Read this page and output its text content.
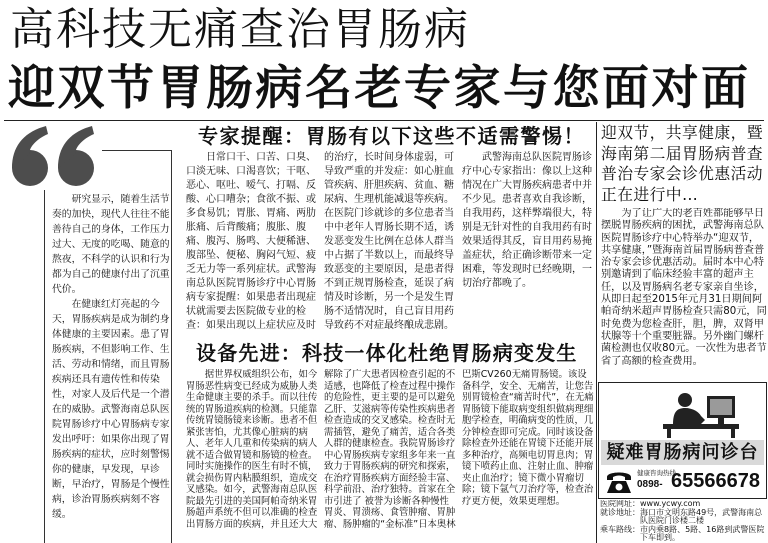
高科技无痛查治胃肠病
迎双节胃肠病名老专家与您面对面

研究显示，随着生活节奏的加快，现代人往往不能善待自己的身体，工作压力过大、无度的吃喝、随意的熬夜，不科学的认识和行为都为自己的健康付出了沉重代价。

在健康红灯亮起的今天，胃肠疾病是成为制约身体健康的主要因素。患了胃肠疾病，不但影响工作、生活、劳动和情绪，而且胃肠疾病还具有遗传性和传染性，对家人及后代是一个潜在的威胁。武警海南总队医院胃肠诊疗中心胃肠病专家发出呼吁：如果你出现了胃肠疾病的症状，应时刻警惕你的健康，早发现，早诊断，早治疗，胃肠是个慢性病，诊治胃肠疾病刻不容缓。

专家提醒：胃肠有以下这些不适需警惕！

日常口干、口苦、口臭、口淡无味、口渴喜饮；干呕、恶心、呕吐、嗳气、打嗝、反酸、心口嘈杂；食欲不振、或多食易饥；胃胀、胃痛、两肋胀痛、后背酸痛；腹胀、腹痛、腹泻、肠鸣、大便稀溏、腹部坠、便秘、胸闷气短、疲乏无力等一系列症状。武警海南总队医院胃肠诊疗中心胃肠病专家提醒：如果患者出现症状就需要去医院做专业的检查：如果出现以上症状应及时的治疗，长时间身体虚弱，可导致严重的并发症：如心脏血管疾病、肝胆疾病、贫血、糖尿病、生理机能减退等疾病。在医院门诊就诊的多位患者当中中老年人胃肠长期不适，诱发恶变发生比例在总体人群当中占据了半数以上，而最终导致恶变的主要原因，是患者得不到正规胃肠检查，延误了病情及时诊断，另一个是发生胃肠不适情况时，自己盲目用药导致药不对症最终酿成悲剧。

武警海南总队医院胃肠诊疗中心专家指出：像以上这种情况在广大胃肠疾病患者中并不少见。患者喜欢自我诊断，自我用药，这样弊端很大，特别是无针对性的自我用药有时效果适得其反，盲目用药易掩盖症状，给正确诊断带来一定困难，等发现时已经晚期，一切治疗都晚了。

设备先进：科技一体化杜绝胃肠病变发生

据世界权威组织公布，如今胃肠恶性病变已经成为威胁人类生命健康主要的杀手。而以往传统的胃肠道疾病的检测。只能靠传统胃镜肠镜来诊断。患者不但紧张害怕，尤其像心脏病的病人、老年人几重和传染病的病人就不适合做胃镜和肠镜的检查。同时实施操作的医生有时不慎，就会损伤胃内粘膜组织，造成交叉感染。如今，武警海南总队医院最先引进的美国阿帕奇纳米胃肠超声系统不但可以准确的检查出胃肠方面的疾病，并且还大大解除了广大患者因检查引起的不适感，也降低了检查过程中操作的危险性，更主要的是可以避免乙肝、艾滋病等传染性疾病患者检查造成的交叉感染。检查时无需插管，避免了痛苦，适合各类 人群的健康检查。我院胃肠诊疗中心胃肠疾病专家组多年来一直致力于胃肠疾病的研究和探索，在治疗胃肠疾病方面经验丰富、科学前沿、治疗独特。首家在全市引进了 被誉为诊断各种慢性胃炎、胃溃疡、食管肿瘤、胃肿瘤、肠肿瘤的“金标准”日本奥林巴斯CV260无痛胃肠镜。该设备科学，安全、无痛苦，让您告别胃镜检查“痛苦时代”，在无痛胃肠镜下能取病变组织做病理细胞学检查，明确病变的性质，几分钟检查即可完成。同时该设备除检查外还能在胃镜下还能开展多种治疗，高频电切胃息肉；胃镜下喷药止血、注射止血、肿瘤夹止血治疗；镜下微小胃瘤切除；镜下氩气刀治疗等，检查治疗更方便，效果更理想。

迎双节，共享健康，暨海南第二届胃肠病普查普治专家会诊优惠活动正在进行中…

为了让广大的老百姓都能够早日摆脱胃肠疾病的困扰，武警海南总队医院胃肠诊疗中心特举办“迎双节，共享健康，”暨海南首届胃肠病普查普治专家会诊优惠活动。届时本中心特别邀请到了临床经验丰富的超声主任，以及胃肠病名老专家亲自坐诊，从即日起至2015年元月31日期间阿帕奇纳米超声胃肠检查只需80元，同时免费为您检查肝，胆，脾，双肾甲状腺等十个重要脏器。另外幽门螺杆菌检测也仅收80元。一次性为患者节省了高额的检查费用。

疑难胃肠病问诊台
健康咨询热线
0898- 65566678
医院网址： www.ycwy.com
就诊地址： 海口市文明东路49号，武警海南总队医院门诊楼二楼
乘车路线： 市内乘8路、5路、16路到武警医院下车即到。
